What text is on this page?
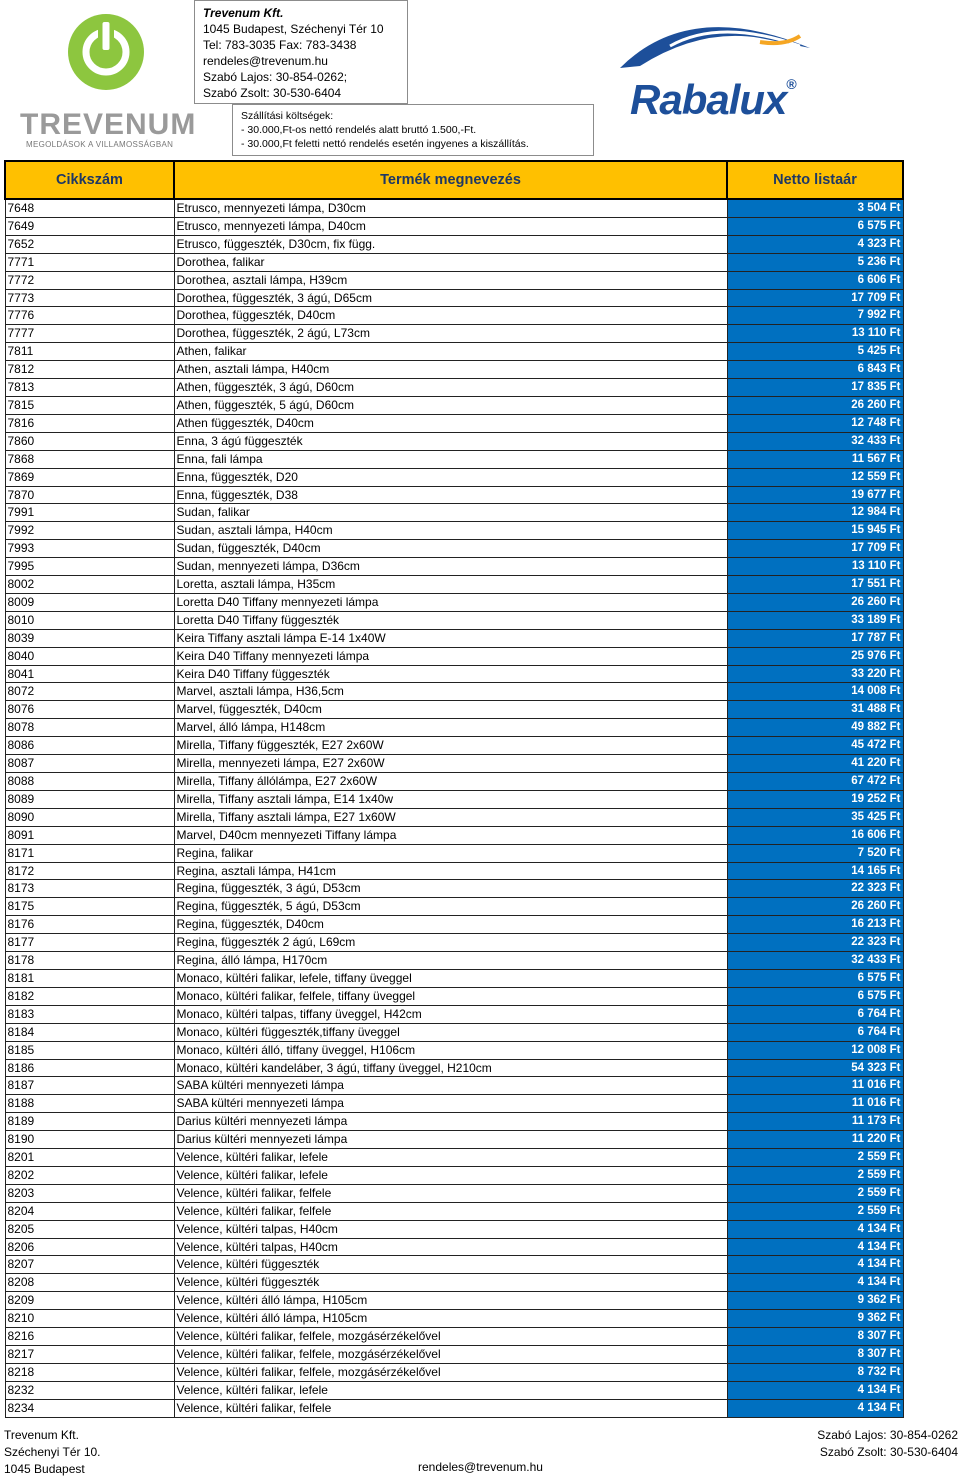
TREVENUM
MEGOLDÁSOK A VILLAMOSSÁGBAN
Trevenum Kft.
1045 Budapest, Széchenyi Tér 10
Tel: 783-3035 Fax: 783-3438
rendeles@trevenum.hu
Szabó Lajos: 30-854-0262;
Szabó Zsolt: 30-530-6404
Szállítási költségek:
- 30.000,Ft-os nettó rendelés alatt bruttó 1.500,-Ft.
- 30.000,Ft feletti nettó rendelés esetén ingyenes a kiszállítás.
Rabalux®
Cikkszám	Termék megnevezés	Netto listaár
7648	Etrusco, mennyezeti lámpa, D30cm	3 504 Ft
7649	Etrusco, mennyezeti lámpa, D40cm	6 575 Ft
7652	Etrusco, függeszték, D30cm, fix függ.	4 323 Ft
7771	Dorothea, falikar	5 236 Ft
7772	Dorothea, asztali lámpa, H39cm	6 606 Ft
7773	Dorothea, függeszték, 3 ágú, D65cm	17 709 Ft
7776	Dorothea, függeszték, D40cm	7 992 Ft
7777	Dorothea, függeszték, 2 ágú, L73cm	13 110 Ft
7811	Athen, falikar	5 425 Ft
7812	Athen, asztali lámpa, H40cm	6 843 Ft
7813	Athen, függeszték, 3 ágú, D60cm	17 835 Ft
7815	Athen, függeszték, 5 ágú, D60cm	26 260 Ft
7816	Athen függeszték, D40cm	12 748 Ft
7860	Enna, 3 ágú függeszték	32 433 Ft
7868	Enna, fali lámpa	11 567 Ft
7869	Enna, függeszték, D20	12 559 Ft
7870	Enna, függeszték, D38	19 677 Ft
7991	Sudan, falikar	12 984 Ft
7992	Sudan, asztali lámpa, H40cm	15 945 Ft
7993	Sudan, függeszték, D40cm	17 709 Ft
7995	Sudan, mennyezeti lámpa, D36cm	13 110 Ft
8002	Loretta, asztali lámpa, H35cm	17 551 Ft
8009	Loretta D40 Tiffany mennyezeti lámpa	26 260 Ft
8010	Loretta D40 Tiffany függeszték	33 189 Ft
8039	Keira Tiffany asztali lámpa E-14 1x40W	17 787 Ft
8040	Keira D40 Tiffany mennyezeti lámpa	25 976 Ft
8041	Keira D40 Tiffany függeszték	33 220 Ft
8072	Marvel, asztali lámpa, H36,5cm	14 008 Ft
8076	Marvel, függeszték, D40cm	31 488 Ft
8078	Marvel, álló lámpa, H148cm	49 882 Ft
8086	Mirella, Tiffany függeszték, E27 2x60W	45 472 Ft
8087	Mirella, mennyezeti lámpa, E27 2x60W	41 220 Ft
8088	Mirella, Tiffany állólámpa, E27 2x60W	67 472 Ft
8089	Mirella, Tiffany asztali lámpa, E14 1x40w	19 252 Ft
8090	Mirella, Tiffany asztali lámpa, E27 1x60W	35 425 Ft
8091	Marvel, D40cm mennyezeti Tiffany lámpa	16 606 Ft
8171	Regina, falikar	7 520 Ft
8172	Regina, asztali lámpa, H41cm	14 165 Ft
8173	Regina, függeszték, 3 ágú, D53cm	22 323 Ft
8175	Regina, függeszték, 5 ágú, D53cm	26 260 Ft
8176	Regina, függeszték, D40cm	16 213 Ft
8177	Regina, függeszték 2 ágú, L69cm	22 323 Ft
8178	Regina, álló lámpa, H170cm	32 433 Ft
8181	Monaco, kültéri falikar, lefele, tiffany üveggel	6 575 Ft
8182	Monaco, kültéri falikar, felfele, tiffany üveggel	6 575 Ft
8183	Monaco, kültéri talpas, tiffany üveggel, H42cm	6 764 Ft
8184	Monaco, kültéri függeszték,tiffany üveggel	6 764 Ft
8185	Monaco, kültéri álló, tiffany üveggel, H106cm	12 008 Ft
8186	Monaco, kültéri kandeláber, 3 ágú, tiffany üveggel, H210cm	54 323 Ft
8187	SABA kültéri mennyezeti lámpa	11 016 Ft
8188	SABA kültéri mennyezeti lámpa	11 016 Ft
8189	Darius kültéri mennyezeti lámpa	11 173 Ft
8190	Darius kültéri mennyezeti lámpa	11 220 Ft
8201	Velence, kültéri falikar, lefele	2 559 Ft
8202	Velence, kültéri falikar, lefele	2 559 Ft
8203	Velence, kültéri falikar, felfele	2 559 Ft
8204	Velence, kültéri falikar, felfele	2 559 Ft
8205	Velence, kültéri talpas, H40cm	4 134 Ft
8206	Velence, kültéri talpas, H40cm	4 134 Ft
8207	Velence, kültéri függeszték	4 134 Ft
8208	Velence, kültéri függeszték	4 134 Ft
8209	Velence, kültéri álló lámpa, H105cm	9 362 Ft
8210	Velence, kültéri álló lámpa, H105cm	9 362 Ft
8216	Velence, kültéri falikar, felfele, mozgásérzékelővel	8 307 Ft
8217	Velence, kültéri falikar, felfele, mozgásérzékelővel	8 307 Ft
8218	Velence, kültéri falikar, felfele, mozgásérzékelővel	8 732 Ft
8232	Velence, kültéri falikar, lefele	4 134 Ft
8234	Velence, kültéri falikar, felfele	4 134 Ft
Trevenum Kft.
Széchenyi Tér 10.
1045 Budapest	rendeles@trevenum.hu
Szabó Lajos: 30-854-0262
Szabó Zsolt: 30-530-6404
